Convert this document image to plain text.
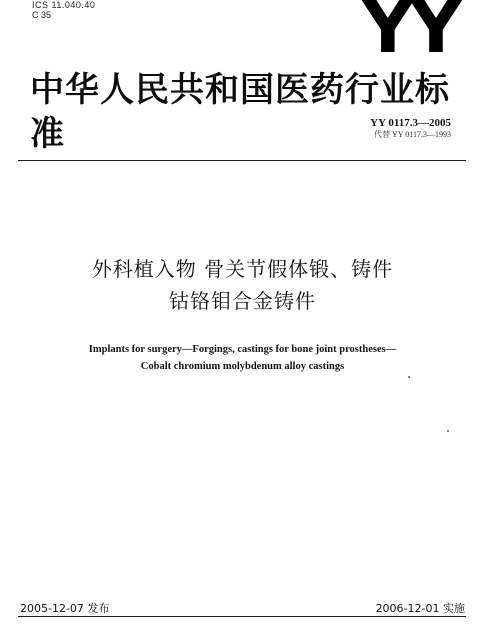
ICS 11.040.40
C 35	YY
中华人民共和国医药行业标准	YY 0117.3—2005
代替 YY 0117.3—1993
外科植入物 骨关节假体锻、铸件
钴铬钼合金铸件
Implants for surgery—Forgings, castings for bone joint prostheses—
Cobalt chromium molybdenum alloy castings
2005-12-07 发布	2006-12-01 实施
